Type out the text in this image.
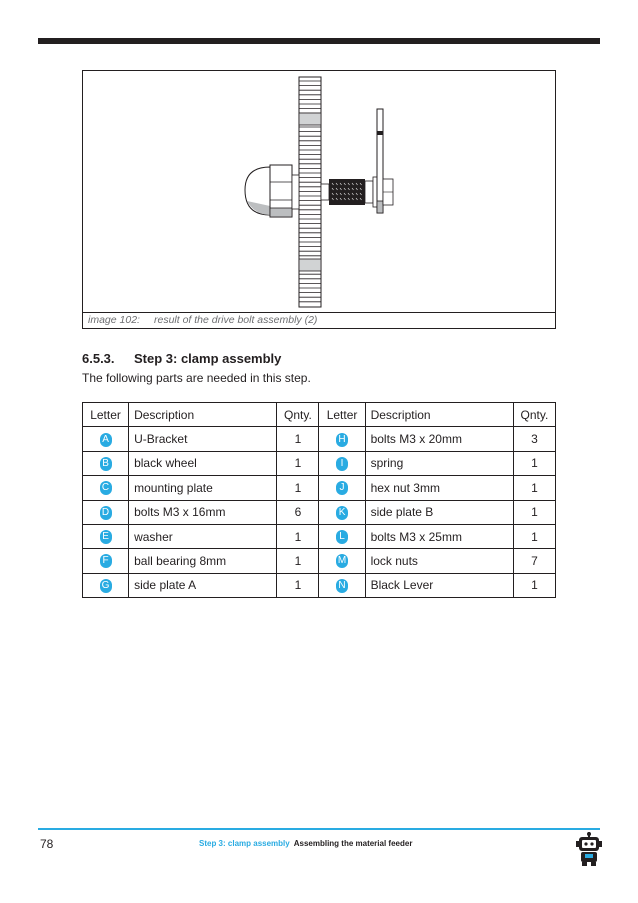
image 102: result of the drive bolt assembly (2)
6.5.3. Step 3: clamp assembly
The following parts are needed in this step.
Letter	Description	Qnty.	Letter	Description	Qnty.
A	U-Bracket	1	H	bolts M3 x 20mm	3
B	black wheel	1	I	spring	1
C	mounting plate	1	J	hex nut 3mm	1
D	bolts M3 x 16mm	6	K	side plate B	1
E	washer	1	L	bolts M3 x 25mm	1
F	ball bearing 8mm	1	M	lock nuts	7
G	side plate A	1	N	Black Lever	1
78	Step 3: clamp assembly Assembling the material feeder
